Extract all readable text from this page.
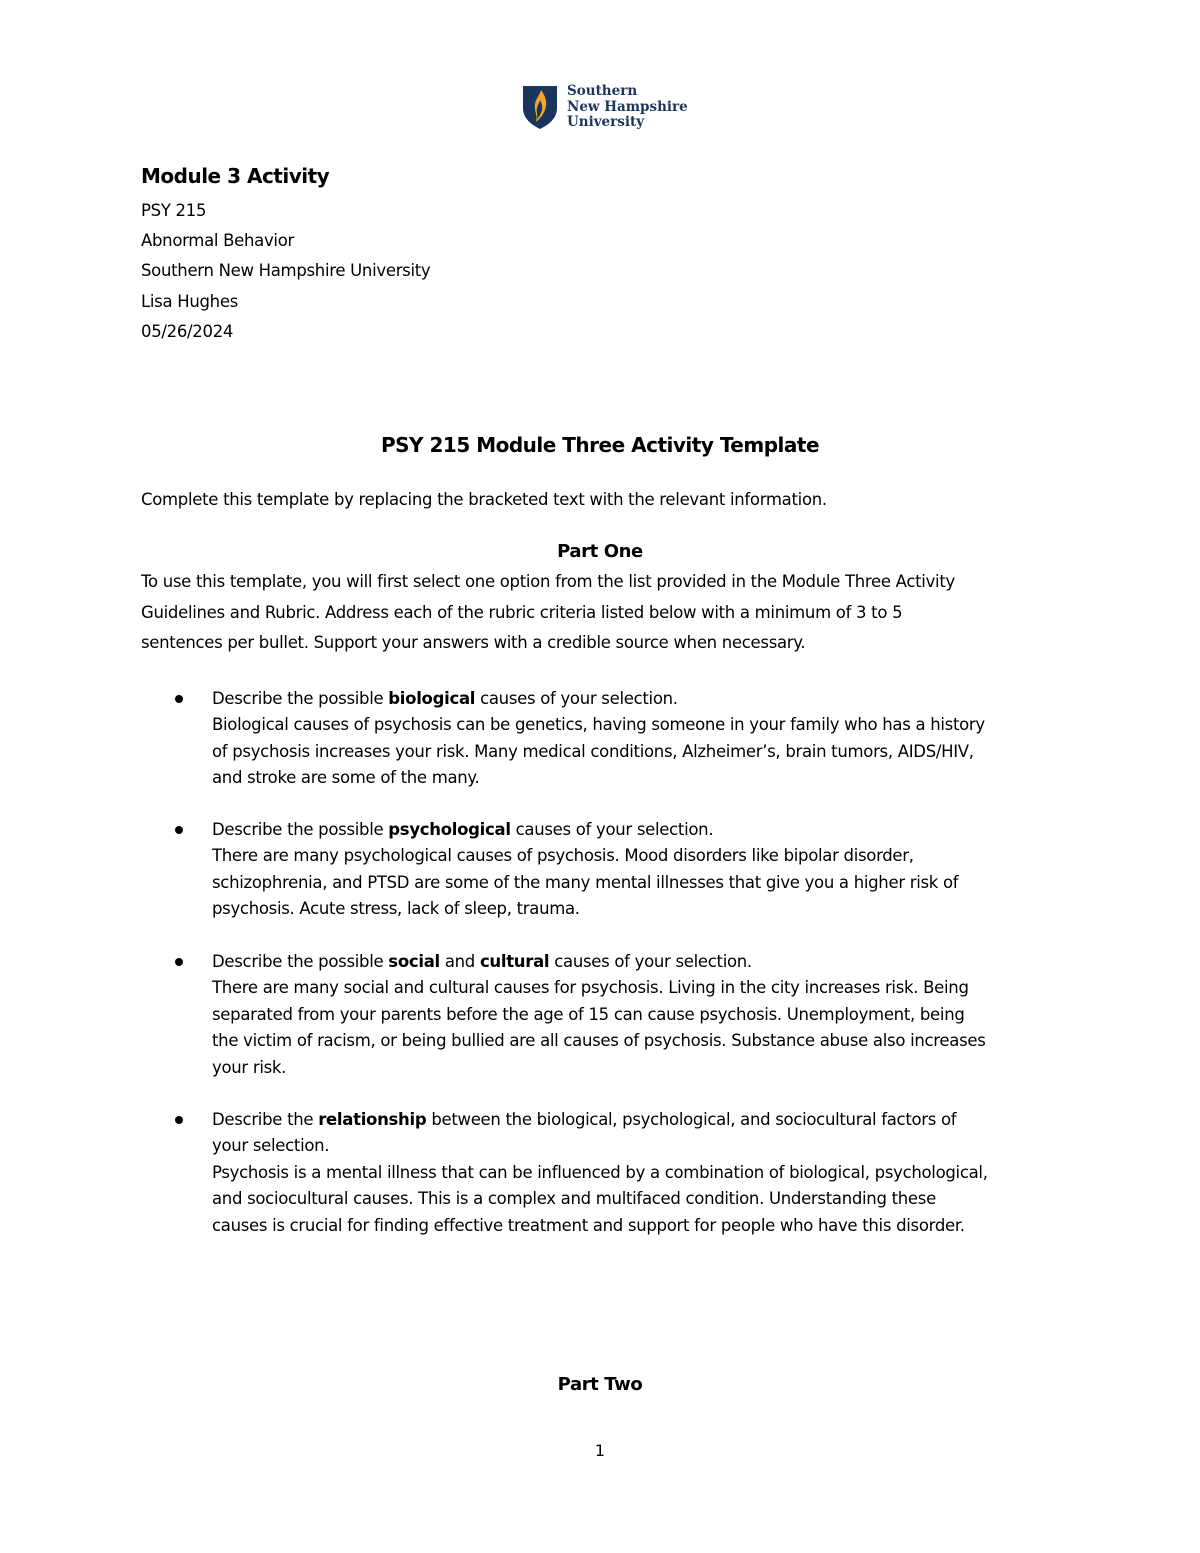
Southern
New Hampshire
University
Module 3 Activity
PSY 215
Abnormal Behavior
Southern New Hampshire University
Lisa Hughes
05/26/2024
PSY 215 Module Three Activity Template
Complete this template by replacing the bracketed text with the relevant information.
Part One
To use this template, you will first select one option from the list provided in the Module Three Activity
Guidelines and Rubric. Address each of the rubric criteria listed below with a minimum of 3 to 5
sentences per bullet. Support your answers with a credible source when necessary.
Describe the possible biological causes of your selection.
Biological causes of psychosis can be genetics, having someone in your family who has a history
of psychosis increases your risk. Many medical conditions, Alzheimer’s, brain tumors, AIDS/HIV,
and stroke are some of the many.
Describe the possible psychological causes of your selection.
There are many psychological causes of psychosis. Mood disorders like bipolar disorder,
schizophrenia, and PTSD are some of the many mental illnesses that give you a higher risk of
psychosis. Acute stress, lack of sleep, trauma.
Describe the possible social and cultural causes of your selection.
There are many social and cultural causes for psychosis. Living in the city increases risk. Being
separated from your parents before the age of 15 can cause psychosis. Unemployment, being
the victim of racism, or being bullied are all causes of psychosis. Substance abuse also increases
your risk.
Describe the relationship between the biological, psychological, and sociocultural factors of
your selection.
Psychosis is a mental illness that can be influenced by a combination of biological, psychological,
and sociocultural causes. This is a complex and multifaced condition. Understanding these
causes is crucial for finding effective treatment and support for people who have this disorder.
Part Two
1
